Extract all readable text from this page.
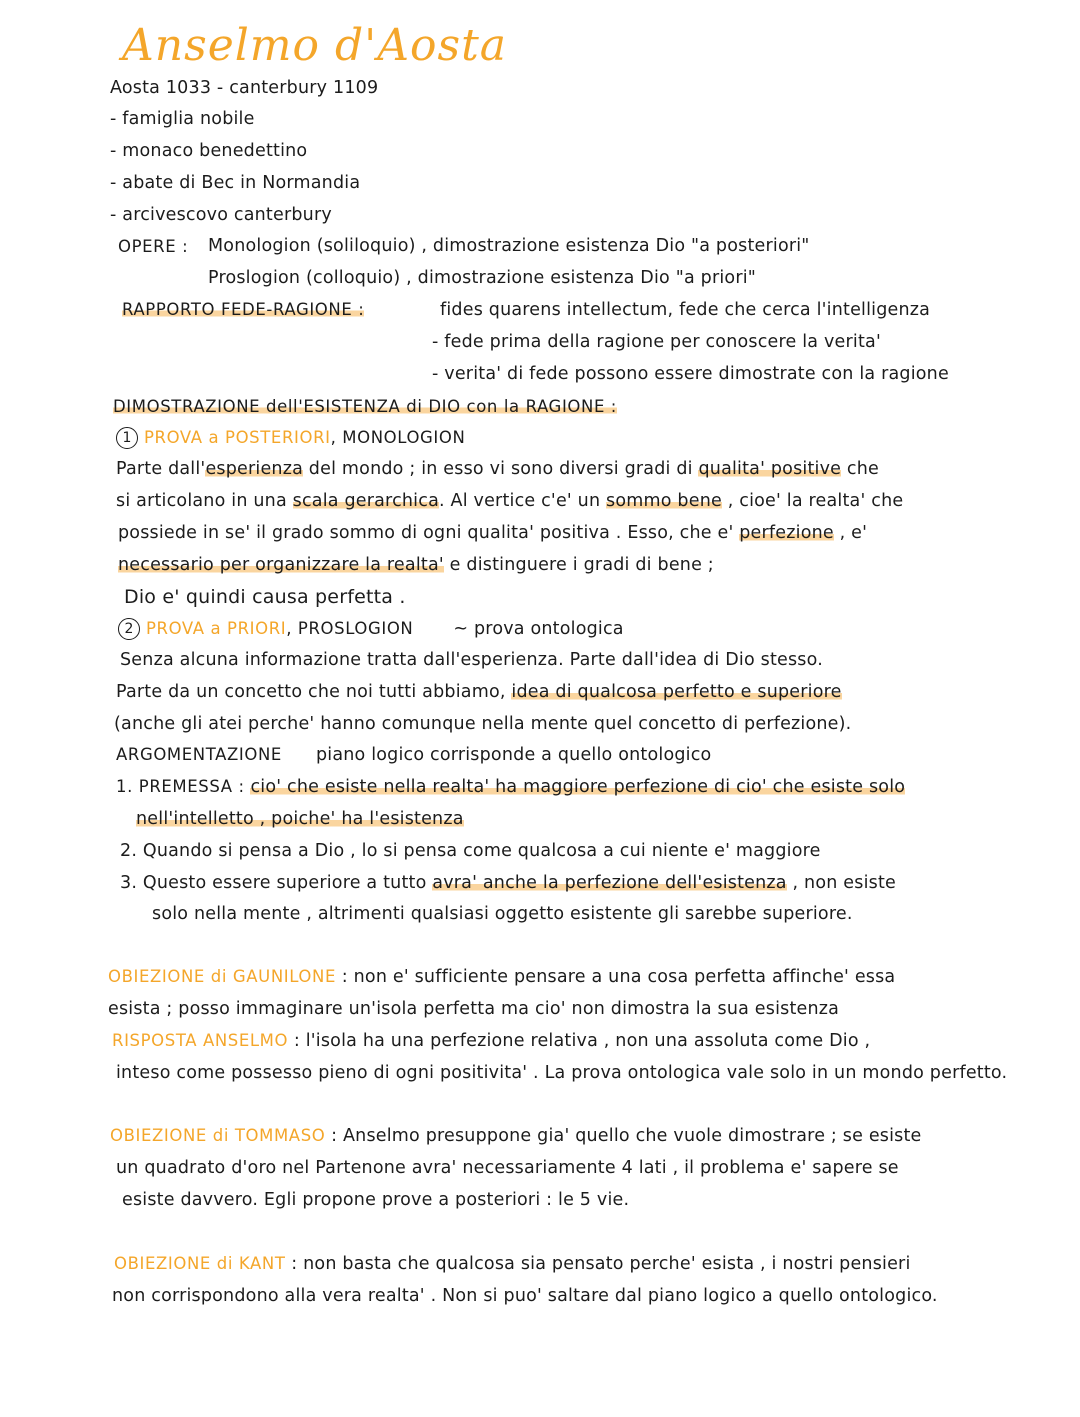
Anselmo d'Aosta
Aosta 1033 - canterbury 1109
- famiglia nobile
- monaco benedettino
- abate di Bec in Normandia
- arcivescovo canterbury
OPERE : Monologion (soliloquio) , dimostrazione esistenza Dio "a posteriori"
Proslogion (colloquio) , dimostrazione esistenza Dio "a priori"
RAPPORTO FEDE-RAGIONE :	fides quarens intellectum, fede che cerca l'intelligenza
- fede prima della ragione per conoscere la verita'
- verita' di fede possono essere dimostrate con la ragione
DIMOSTRAZIONE dell'ESISTENZA di DIO con la RAGIONE :
1 PROVA a POSTERIORI, MONOLOGION
Parte dall'esperienza del mondo ; in esso vi sono diversi gradi di qualita' positive che
si articolano in una scala gerarchica. Al vertice c'e' un sommo bene , cioe' la realta' che
possiede in se' il grado sommo di ogni qualita' positiva . Esso, che e' perfezione , e'
necessario per organizzare la realta' e distinguere i gradi di bene ;
Dio e' quindi causa perfetta .
2 PROVA a PRIORI, PROSLOGION ~ prova ontologica
Senza alcuna informazione tratta dall'esperienza. Parte dall'idea di Dio stesso.
Parte da un concetto che noi tutti abbiamo, idea di qualcosa perfetto e superiore
(anche gli atei perche' hanno comunque nella mente quel concetto di perfezione).
ARGOMENTAZIONE piano logico corrisponde a quello ontologico
1. PREMESSA : cio' che esiste nella realta' ha maggiore perfezione di cio' che esiste solo
nell'intelletto , poiche' ha l'esistenza
2. Quando si pensa a Dio , lo si pensa come qualcosa a cui niente e' maggiore
3. Questo essere superiore a tutto avra' anche la perfezione dell'esistenza , non esiste
solo nella mente , altrimenti qualsiasi oggetto esistente gli sarebbe superiore.
OBIEZIONE di GAUNILONE : non e' sufficiente pensare a una cosa perfetta affinche' essa
esista ; posso immaginare un'isola perfetta ma cio' non dimostra la sua esistenza
RISPOSTA ANSELMO : l'isola ha una perfezione relativa , non una assoluta come Dio ,
inteso come possesso pieno di ogni positivita' . La prova ontologica vale solo in un mondo perfetto.
OBIEZIONE di TOMMASO : Anselmo presuppone gia' quello che vuole dimostrare ; se esiste
un quadrato d'oro nel Partenone avra' necessariamente 4 lati , il problema e' sapere se
esiste davvero. Egli propone prove a posteriori : le 5 vie.
OBIEZIONE di KANT : non basta che qualcosa sia pensato perche' esista , i nostri pensieri
non corrispondono alla vera realta' . Non si puo' saltare dal piano logico a quello ontologico.
